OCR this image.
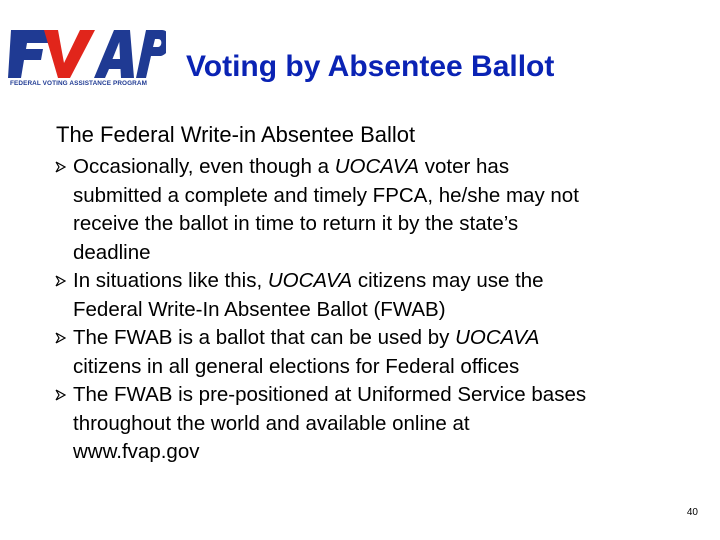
FEDERAL VOTING ASSISTANCE PROGRAM
Voting by Absentee Ballot
The Federal Write-in Absentee Ballot
Occasionally, even though a UOCAVA voter has
submitted a complete and timely FPCA, he/she may not
receive the ballot in time to return it by the state’s
deadline
In situations like this, UOCAVA citizens may use the
Federal Write-In Absentee Ballot (FWAB)
The FWAB is a ballot that can be used by UOCAVA
citizens in all general elections for Federal offices
The FWAB is pre-positioned at Uniformed Service bases
throughout the world and available online at
www.fvap.gov
40
